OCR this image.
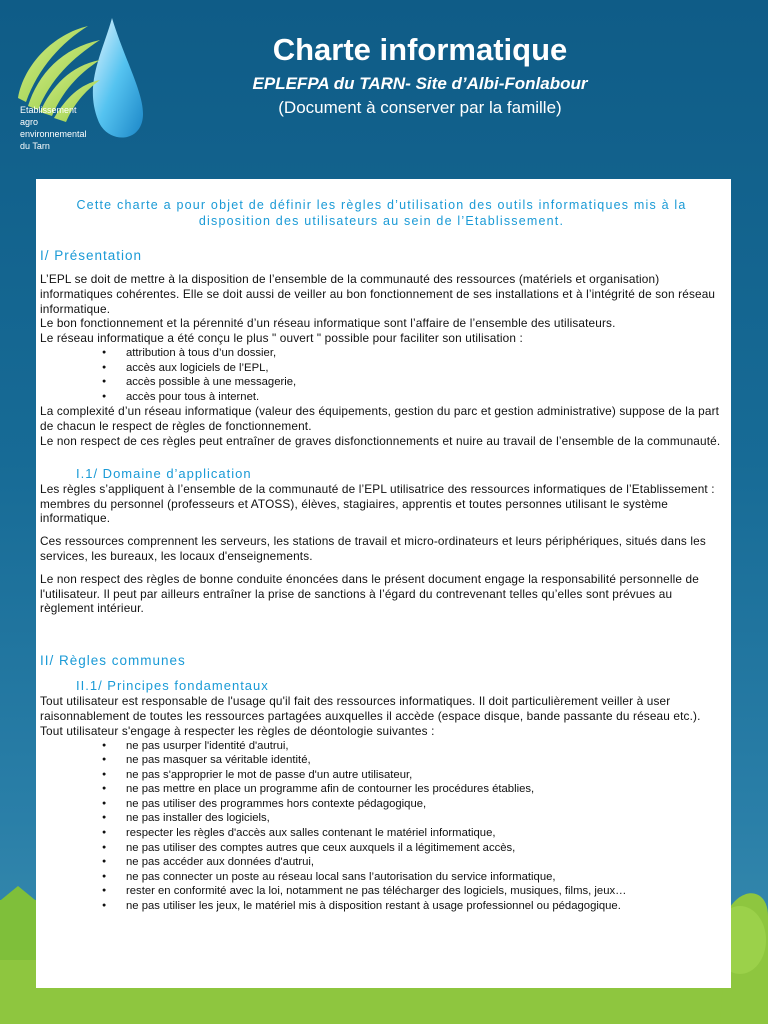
Etablissement
agro
environnemental
du Tarn
Charte informatique
EPLEFPA du TARN- Site d’Albi-Fonlabour
(Document à conserver par la famille)

Cette charte a pour objet de définir les règles d’utilisation des outils informatiques mis à la disposition des utilisateurs au sein de l’Etablissement.

I/ Présentation

L’EPL se doit de mettre à la disposition de l’ensemble de la communauté des ressources (matériels et organisation) informatiques cohérentes. Elle se doit aussi de veiller au bon fonctionnement de ses installations et à l’intégrité de son réseau informatique.

Le bon fonctionnement et la pérennité d’un réseau informatique sont l’affaire de l’ensemble des utilisateurs.

Le réseau informatique a été conçu le plus " ouvert " possible pour faciliter son utilisation :

● attribution à tous d’un dossier,
● accès aux logiciels de l’EPL,
● accès possible à une messagerie,
● accès pour tous à internet.

La complexité d’un réseau informatique (valeur des équipements, gestion du parc et gestion administrative) suppose de la part de chacun le respect de règles de fonctionnement.

Le non respect de ces règles peut entraîner de graves disfonctionnements et nuire au travail de l’ensemble de la communauté.

I.1/ Domaine d’application

Les règles s’appliquent à l’ensemble de la communauté de l’EPL utilisatrice des ressources informatiques de l’Etablissement : membres du personnel (professeurs et ATOSS), élèves, stagiaires, apprentis et toutes personnes utilisant le système informatique.

Ces ressources comprennent les serveurs, les stations de travail et micro-ordinateurs et leurs périphériques, situés dans les services, les bureaux, les locaux d'enseignements.

Le non respect des règles de bonne conduite énoncées dans le présent document engage la responsabilité personnelle de l'utilisateur. Il peut par ailleurs entraîner la prise de sanctions à l’égard du contrevenant telles qu’elles sont prévues au règlement intérieur.

II/ Règles communes
II.1/ Principes fondamentaux

Tout utilisateur est responsable de l'usage qu'il fait des ressources informatiques. Il doit particulièrement veiller à user raisonnablement de toutes les ressources partagées auxquelles il accède (espace disque, bande passante du réseau etc.).

Tout utilisateur s'engage à respecter les règles de déontologie suivantes :

● ne pas usurper l'identité d'autrui,
● ne pas masquer sa véritable identité,
● ne pas s'approprier le mot de passe d'un autre utilisateur,
● ne pas mettre en place un programme afin de contourner les procédures établies,
● ne pas utiliser des programmes hors contexte pédagogique,
● ne pas installer des logiciels,
● respecter les règles d'accès aux salles contenant le matériel informatique,
● ne pas utiliser des comptes autres que ceux auxquels il a légitimement accès,
● ne pas accéder aux données d'autrui,
● ne pas connecter un poste au réseau local sans l’autorisation du service informatique,
● rester en conformité avec la loi, notamment ne pas télécharger des logiciels, musiques, films, jeux…
● ne pas utiliser les jeux, le matériel mis à disposition restant à usage professionnel ou pédagogique.
